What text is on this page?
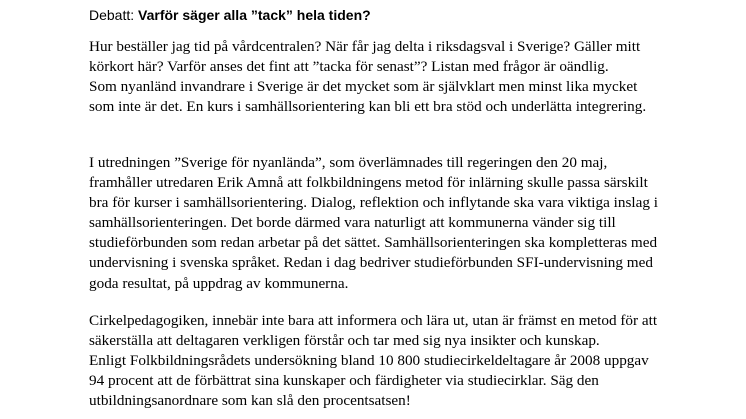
Debatt: Varför säger alla ”tack” hela tiden?
Hur beställer jag tid på vårdcentralen? När får jag delta i riksdagsval i Sverige? Gäller mitt
körkort här? Varför anses det fint att ”tacka för senast”? Listan med frågor är oändlig.
Som nyanländ invandrare i Sverige är det mycket som är självklart men minst lika mycket
som inte är det. En kurs i samhällsorientering kan bli ett bra stöd och underlätta integrering.
I utredningen ”Sverige för nyanlända”, som överlämnades till regeringen den 20 maj,
framhåller utredaren Erik Amnå att folkbildningens metod för inlärning skulle passa särskilt
bra för kurser i samhällsorientering. Dialog, reflektion och inflytande ska vara viktiga inslag i
samhällsorienteringen. Det borde därmed vara naturligt att kommunerna vänder sig till
studieförbunden som redan arbetar på det sättet. Samhällsorienteringen ska kompletteras med
undervisning i svenska språket. Redan i dag bedriver studieförbunden SFI-undervisning med
goda resultat, på uppdrag av kommunerna.
Cirkelpedagogiken, innebär inte bara att informera och lära ut, utan är främst en metod för att
säkerställa att deltagaren verkligen förstår och tar med sig nya insikter och kunskap.
Enligt Folkbildningsrådets undersökning bland 10 800 studiecirkeldeltagare år 2008 uppgav
94 procent att de förbättrat sina kunskaper och färdigheter via studiecirklar. Säg den
utbildningsanordnare som kan slå den procentsatsen!
